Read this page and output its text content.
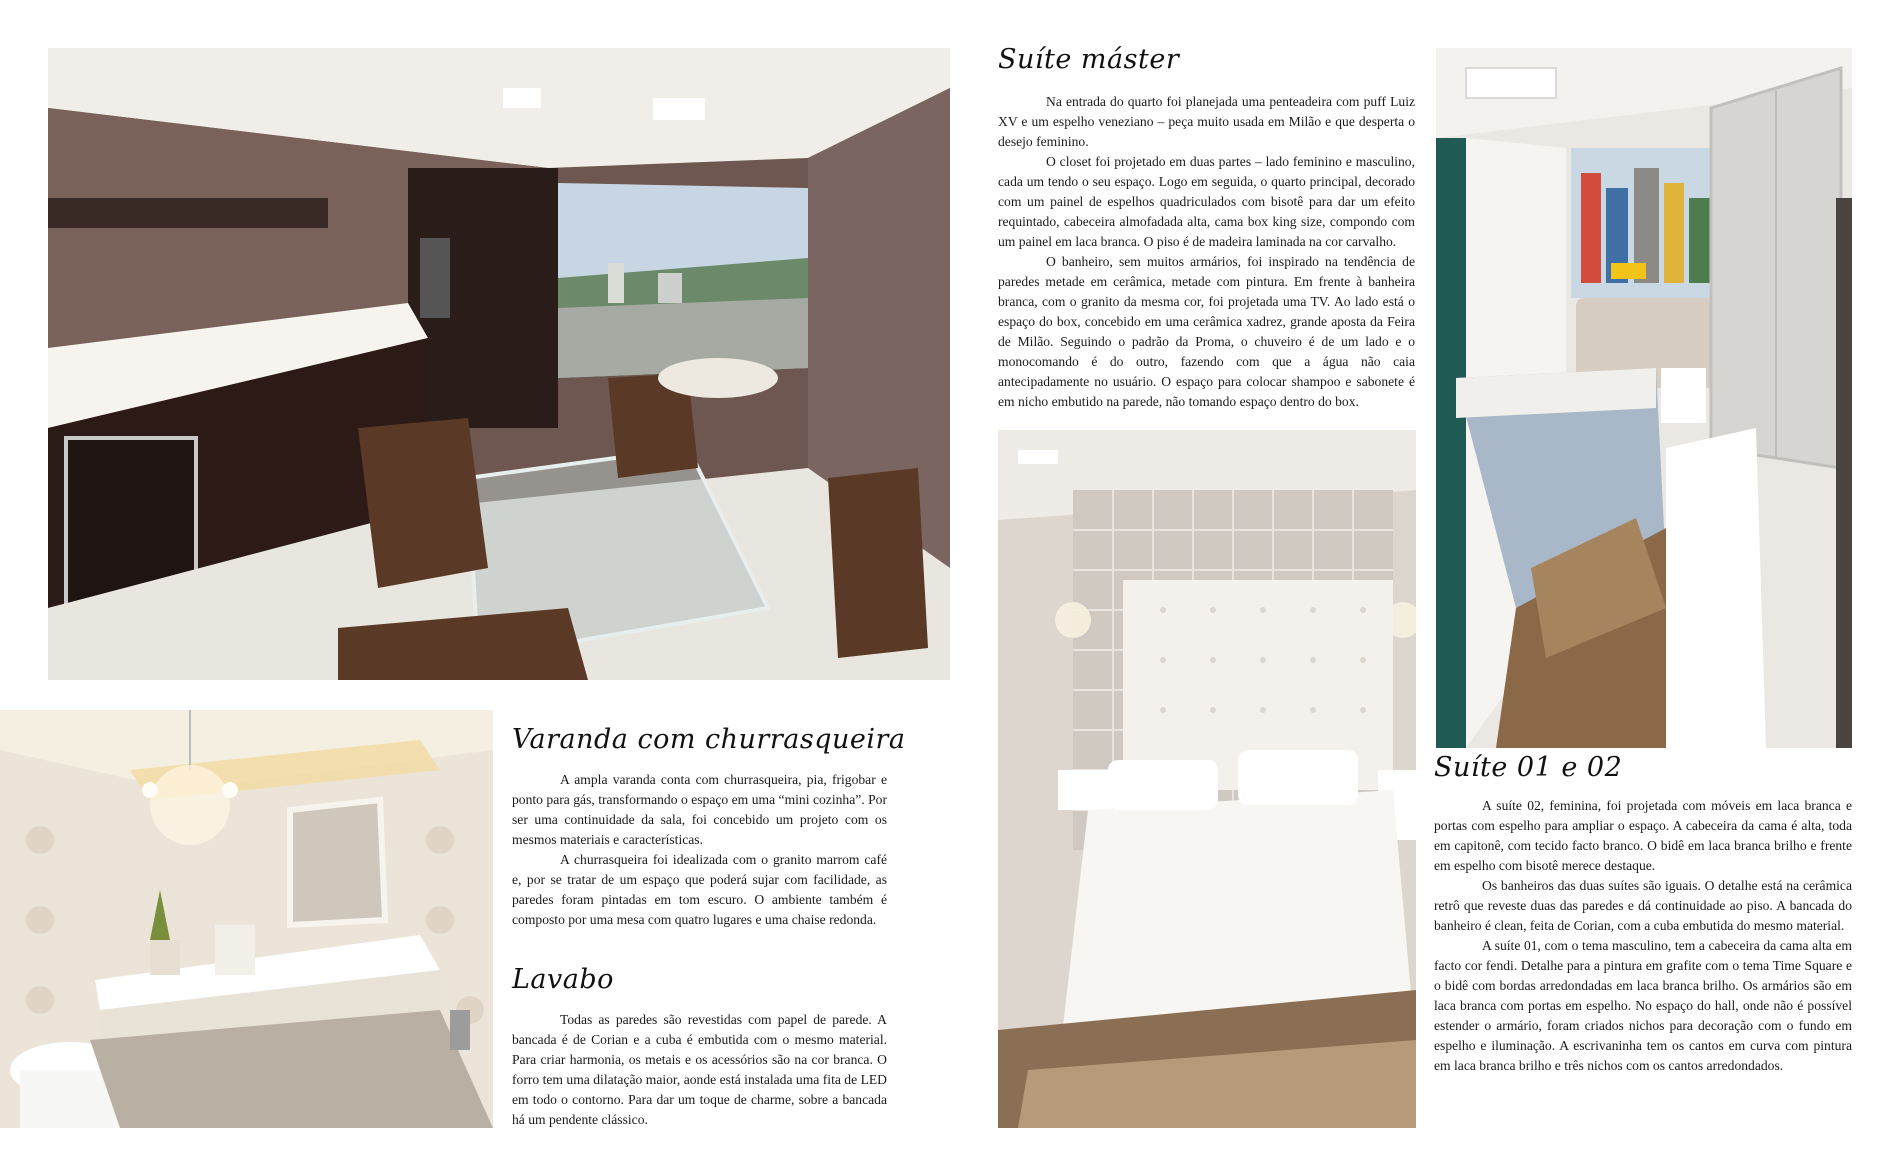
Suíte máster

Na entrada do quarto foi planejada uma penteadeira com puff Luiz XV e um espelho veneziano – peça muito usada em Milão e que desperta o desejo feminino.

O closet foi projetado em duas partes – lado feminino e masculino, cada um tendo o seu espaço. Logo em seguida, o quarto principal, decorado com um painel de espelhos quadriculados com bisotê para dar um efeito requintado, cabeceira almofadada alta, cama box king size, compondo com um painel em laca branca. O piso é de madeira laminada na cor carvalho.

O banheiro, sem muitos armários, foi inspirado na tendência de paredes metade em cerâmica, metade com pintura. Em frente à banheira branca, com o granito da mesma cor, foi projetada uma TV. Ao lado está o espaço do box, concebido em uma cerâmica xadrez, grande aposta da Feira de Milão. Seguindo o padrão da Proma, o chuveiro é de um lado e o monocomando é do outro, fazendo com que a água não caia antecipadamente no usuário. O espaço para colocar shampoo e sabonete é em nicho embutido na parede, não tomando espaço dentro do box.

Varanda com churrasqueira

A ampla varanda conta com churrasqueira, pia, frigobar e ponto para gás, transformando o espaço em uma “mini cozinha”. Por ser uma continuidade da sala, foi concebido um projeto com os mesmos materiais e características.

A churrasqueira foi idealizada com o granito marrom café e, por se tratar de um espaço que poderá sujar com facilidade, as paredes foram pintadas em tom escuro. O ambiente também é composto por uma mesa com quatro lugares e uma chaise redonda.

Lavabo

Todas as paredes são revestidas com papel de parede. A bancada é de Corian e a cuba é embutida com o mesmo material. Para criar harmonia, os metais e os acessórios são na cor branca. O forro tem uma dilatação maior, aonde está instalada uma fita de LED em todo o contorno. Para dar um toque de charme, sobre a bancada há um pendente clássico.

Suíte 01 e 02

A suíte 02, feminina, foi projetada com móveis em laca branca e portas com espelho para ampliar o espaço. A cabeceira da cama é alta, toda em capitonê, com tecido facto branco. O bidê em laca branca brilho e frente em espelho com bisotê merece destaque.

Os banheiros das duas suítes são iguais. O detalhe está na cerâmica retrô que reveste duas das paredes e dá continuidade ao piso. A bancada do banheiro é clean, feita de Corian, com a cuba embutida do mesmo material.

A suíte 01, com o tema masculino, tem a cabeceira da cama alta em facto cor fendi. Detalhe para a pintura em grafite com o tema Time Square e o bidê com bordas arredondadas em laca branca brilho. Os armários são em laca branca com portas em espelho. No espaço do hall, onde não é possível estender o armário, foram criados nichos para decoração com o fundo em espelho e iluminação. A escrivaninha tem os cantos em curva com pintura em laca branca brilho e três nichos com os cantos arredondados.
